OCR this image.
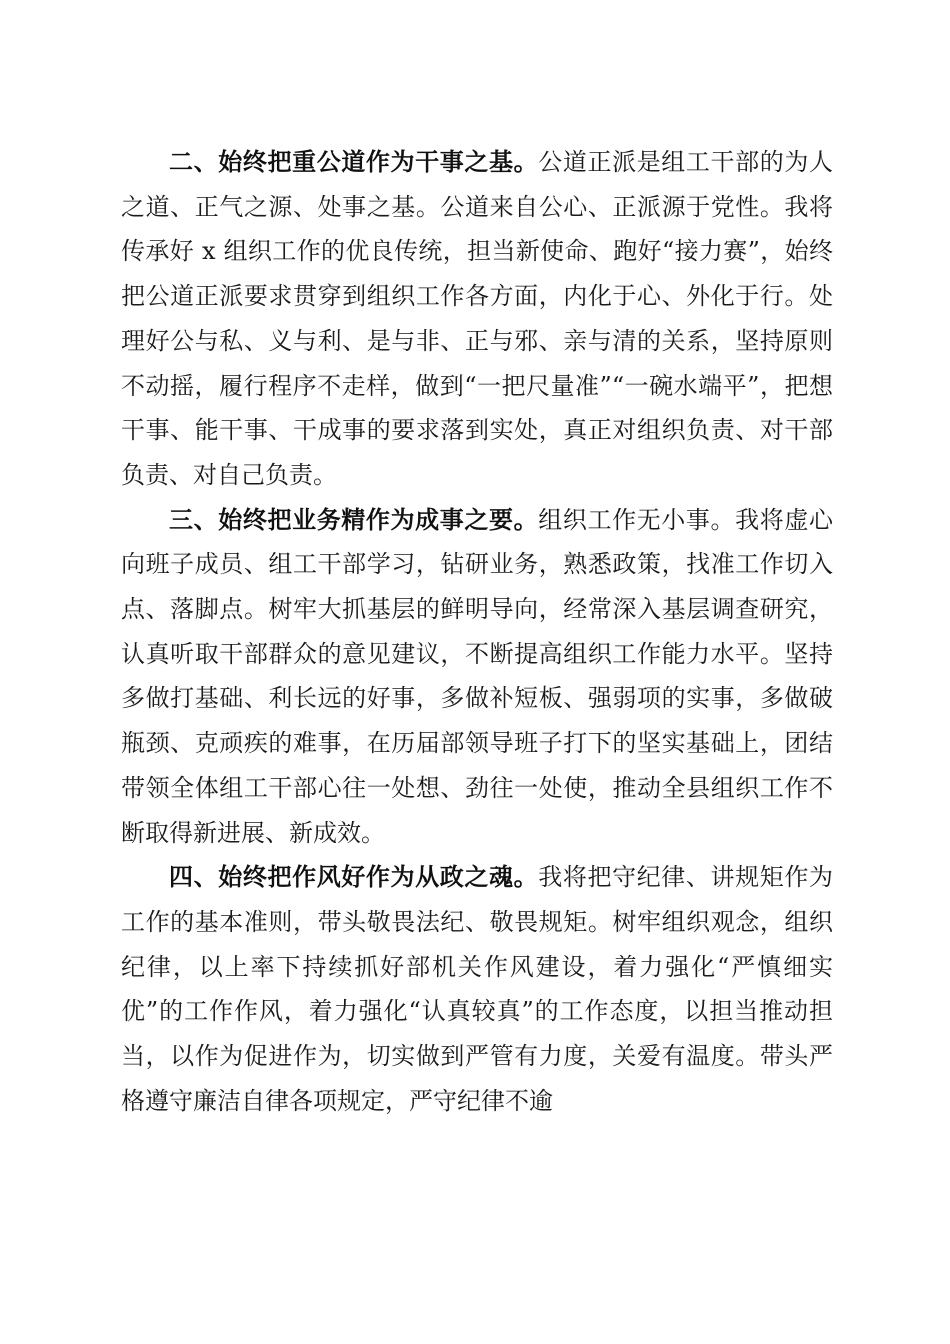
二、始终把重公道作为干事之基。公道正派是组工干部的为人之道、正气之源、处事之基。公道来自公心、正派源于党性。我将传承好 x 组织工作的优良传统，担当新使命、跑好“接力赛”，始终把公道正派要求贯穿到组织工作各方面，内化于心、外化于行。处理好公与私、义与利、是与非、正与邪、亲与清的关系，坚持原则不动摇，履行程序不走样，做到“一把尺量准”“一碗水端平”，把想干事、能干事、干成事的要求落到实处，真正对组织负责、对干部负责、对自己负责。

三、始终把业务精作为成事之要。组织工作无小事。我将虚心向班子成员、组工干部学习，钻研业务，熟悉政策，找准工作切入点、落脚点。树牢大抓基层的鲜明导向，经常深入基层调查研究，认真听取干部群众的意见建议，不断提高组织工作能力水平。坚持多做打基础、利长远的好事，多做补短板、强弱项的实事，多做破瓶颈、克顽疾的难事，在历届部领导班子打下的坚实基础上，团结带领全体组工干部心往一处想、劲往一处使，推动全县组织工作不断取得新进展、新成效。

四、始终把作风好作为从政之魂。我将把守纪律、讲规矩作为工作的基本准则，带头敬畏法纪、敬畏规矩。树牢组织观念，组织纪律，以上率下持续抓好部机关作风建设，着力强化“严慎细实优”的工作作风，着力强化“认真较真”的工作态度，以担当推动担当，以作为促进作为，切实做到严管有力度，关爱有温度。带头严格遵守廉洁自律各项规定，严守纪律不逾
